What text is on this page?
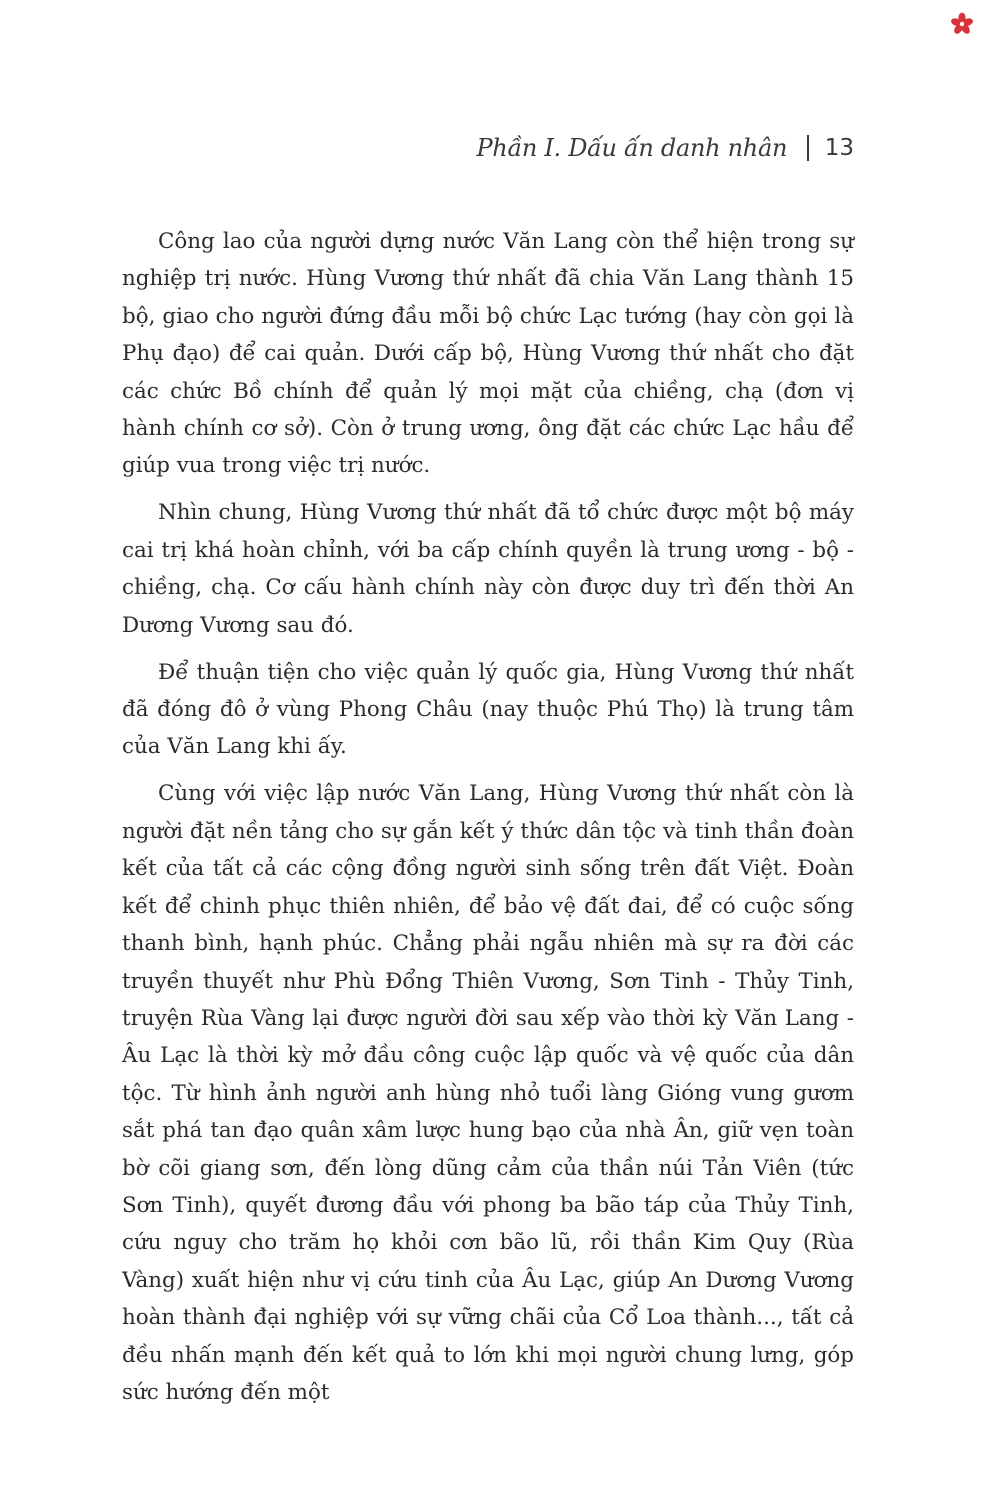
Phần I. Dấu ấn danh nhân 13

Công lao của người dựng nước Văn Lang còn thể hiện trong sự nghiệp trị nước. Hùng Vương thứ nhất đã chia Văn Lang thành 15 bộ, giao cho người đứng đầu mỗi bộ chức Lạc tướng (hay còn gọi là Phụ đạo) để cai quản. Dưới cấp bộ, Hùng Vương thứ nhất cho đặt các chức Bồ chính để quản lý mọi mặt của chiềng, chạ (đơn vị hành chính cơ sở). Còn ở trung ương, ông đặt các chức Lạc hầu để giúp vua trong việc trị nước.

Nhìn chung, Hùng Vương thứ nhất đã tổ chức được một bộ máy cai trị khá hoàn chỉnh, với ba cấp chính quyền là trung ương - bộ - chiềng, chạ. Cơ cấu hành chính này còn được duy trì đến thời An Dương Vương sau đó.

Để thuận tiện cho việc quản lý quốc gia, Hùng Vương thứ nhất đã đóng đô ở vùng Phong Châu (nay thuộc Phú Thọ) là trung tâm của Văn Lang khi ấy.

Cùng với việc lập nước Văn Lang, Hùng Vương thứ nhất còn là người đặt nền tảng cho sự gắn kết ý thức dân tộc và tinh thần đoàn kết của tất cả các cộng đồng người sinh sống trên đất Việt. Đoàn kết để chinh phục thiên nhiên, để bảo vệ đất đai, để có cuộc sống thanh bình, hạnh phúc. Chẳng phải ngẫu nhiên mà sự ra đời các truyền thuyết như Phù Đổng Thiên Vương, Sơn Tinh - Thủy Tinh, truyện Rùa Vàng lại được người đời sau xếp vào thời kỳ Văn Lang - Âu Lạc là thời kỳ mở đầu công cuộc lập quốc và vệ quốc của dân tộc. Từ hình ảnh người anh hùng nhỏ tuổi làng Gióng vung gươm sắt phá tan đạo quân xâm lược hung bạo của nhà Ân, giữ vẹn toàn bờ cõi giang sơn, đến lòng dũng cảm của thần núi Tản Viên (tức Sơn Tinh), quyết đương đầu với phong ba bão táp của Thủy Tinh, cứu nguy cho trăm họ khỏi cơn bão lũ, rồi thần Kim Quy (Rùa Vàng) xuất hiện như vị cứu tinh của Âu Lạc, giúp An Dương Vương hoàn thành đại nghiệp với sự vững chãi của Cổ Loa thành..., tất cả đều nhấn mạnh đến kết quả to lớn khi mọi người chung lưng, góp sức hướng đến một
